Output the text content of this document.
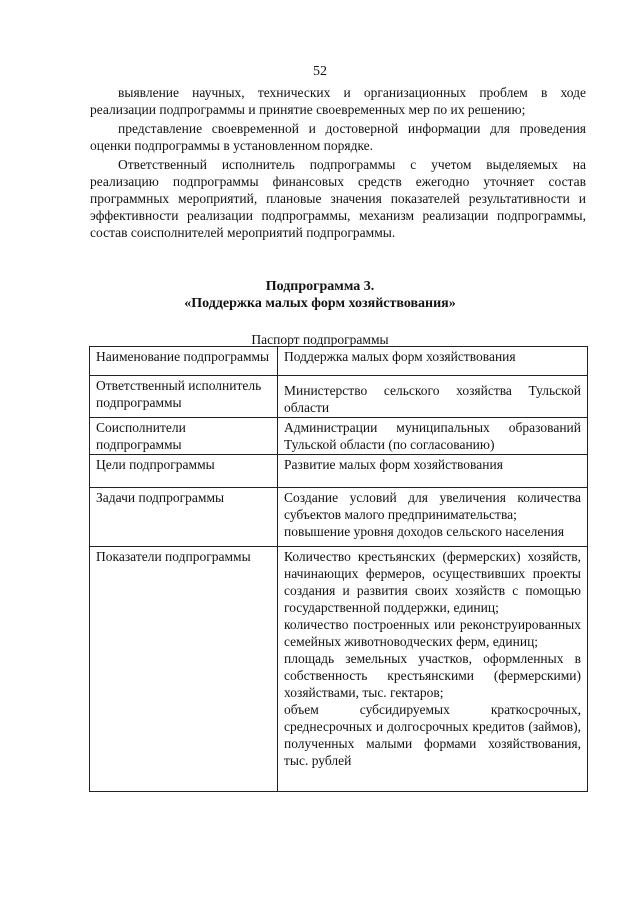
52

выявление научных, технических и организационных проблем в ходе реализации подпрограммы и принятие своевременных мер по их решению;

представление своевременной и достоверной информации для проведения оценки подпрограммы в установленном порядке.

Ответственный исполнитель подпрограммы с учетом выделяемых на реализацию подпрограммы финансовых средств ежегодно уточняет состав программных мероприятий, плановые значения показателей результативности и эффективности реализации подпрограммы, механизм реализации подпрограммы, состав соисполнителей мероприятий подпрограммы.

Подпрограмма 3.
«Поддержка малых форм хозяйствования»
Паспорт подпрограммы
Наименование подпрограммы	Поддержка малых форм хозяйствования

Ответственный исполнитель подпрограммы	Министерство сельского хозяйства Тульской области

Соисполнители подпрограммы	Администрации муниципальных образований Тульской области (по согласованию)

Цели подпрограммы	Развитие малых форм хозяйствования

Задачи подпрограммы	Создание условий для увеличения количества субъектов малого предпринимательства;

повышение уровня доходов сельского населения

Показатели подпрограммы	Количество крестьянских (фермерских) хозяйств, начинающих фермеров, осуществивших проекты создания и развития своих хозяйств с помощью государственной поддержки, единиц;

количество построенных или реконструированных семейных животноводческих ферм, единиц;

площадь земельных участков, оформленных в собственность крестьянскими (фермерскими) хозяйствами, тыс. гектаров;

объем субсидируемых краткосрочных, среднесрочных и долгосрочных кредитов (займов), полученных малыми формами хозяйствования, тыс. рублей
